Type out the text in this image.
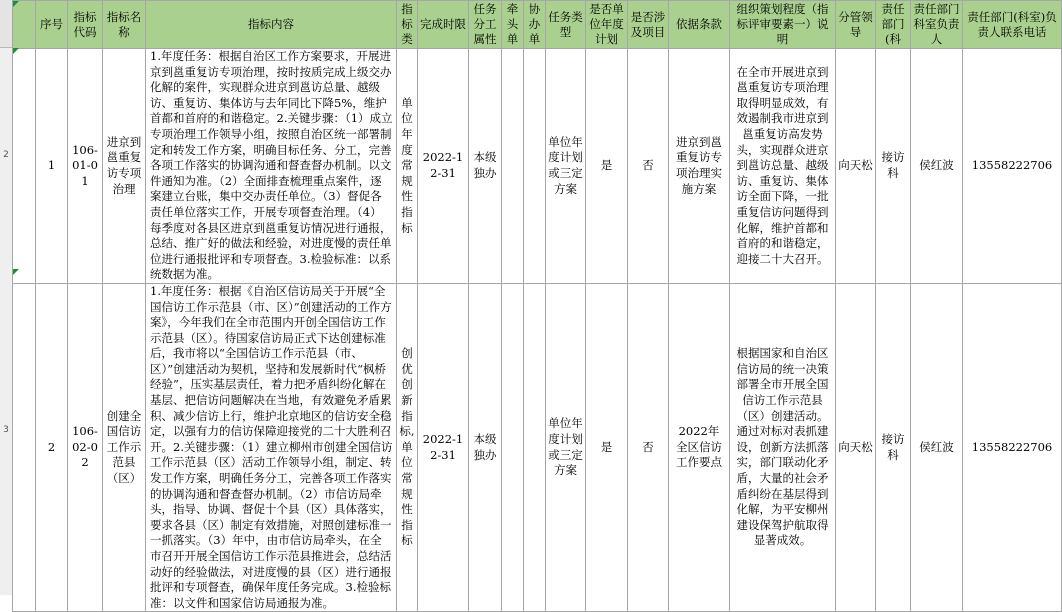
2
3
	序号	指标代码	指标名称	指标内容	指标类	完成时限	任务分工属性	牵头单	协办单	任务类型	是否单位年度计划	是否涉及项目	依据条款	组织策划程度（指标评审要素一）说明	分管领导	责任部门(科	责任部门科室负责人	责任部门(科室)负责人联系电话
	1	106-01-01	进京到邕重复访专项治理	1.年度任务：根据自治区工作方案要求，开展进京到邕重复访专项治理，按时按质完成上级交办化解的案件，实现群众进京到邕访总量、越级访、重复访、集体访与去年同比下降5%，维护首都和首府的和谐稳定。2.关键步骤：（1）成立专项治理工作领导小组，按照自治区统一部署制定和转发工作方案，明确目标任务、分工，完善各项工作落实的协调沟通和督查督办机制。以文件通知为准。（2）全面排查梳理重点案件，逐案建立台账，集中交办责任单位。（3）督促各责任单位落实工作，开展专项督查治理。（4）每季度对各县区进京到邕重复访情况进行通报，总结、推广好的做法和经验，对进度慢的责任单位进行通报批评和专项督查。3.检验标准：以系统数据为准。	单位年度常规性指标	2022-12-31	本级独办			单位年度计划或三定方案	是	否	进京到邕重复访专项治理实施方案	在全市开展进京到邕重复访专项治理取得明显成效，有效遏制我市进京到邕重复访高发势头，实现群众进京到邕访总量、越级访、重复访、集体访全面下降，一批重复信访问题得到化解，维护首都和首府的和谐稳定，迎接二十大召开。	向天松	接访科	侯红波	13558222706
	2	106-02-02	创建全国信访工作示范县（区）	1.年度任务：根据《自治区信访局关于开展“全国信访工作示范县（市、区）”创建活动的工作方案》，今年我们在全市范围内开创全国信访工作示范县（区）。待国家信访局正式下达创建标准后，我市将以“全国信访工作示范县（市、区）”创建活动为契机，坚持和发展新时代“枫桥经验”，压实基层责任，着力把矛盾纠纷化解在基层、把信访问题解决在当地，有效避免矛盾累积、减少信访上行，维护北京地区的信访安全稳定，以强有力的信访保障迎接党的二十大胜利召开。2.关键步骤：（1）建立柳州市创建全国信访工作示范县（区）活动工作领导小组，制定、转发工作方案，明确任务分工，完善各项工作落实的协调沟通和督查督办机制。（2）市信访局牵头，指导、协调、督促十个县（区）具体落实，要求各县（区）制定有效措施，对照创建标准一一抓落实。（3）年中，由市信访局牵头，在全市召开开展全国信访工作示范县推进会，总结活动好的经验做法，对进度慢的县（区）进行通报批评和专项督查，确保年度任务完成。3.检验标准：以文件和国家信访局通报为准。	创优创新指标,单位常规性指标	2022-12-31	本级独办			单位年度计划或三定方案	是	否	2022年全区信访工作要点	根据国家和自治区信访局的统一决策部署全市开展全国信访工作示范县（区）创建活动。通过对标对表抓建设，创新方法抓落实，部门联动化矛盾，大量的社会矛盾纠纷在基层得到化解，为平安柳州建设保驾护航取得显著成效。	向天松	接访科	侯红波	13558222706
